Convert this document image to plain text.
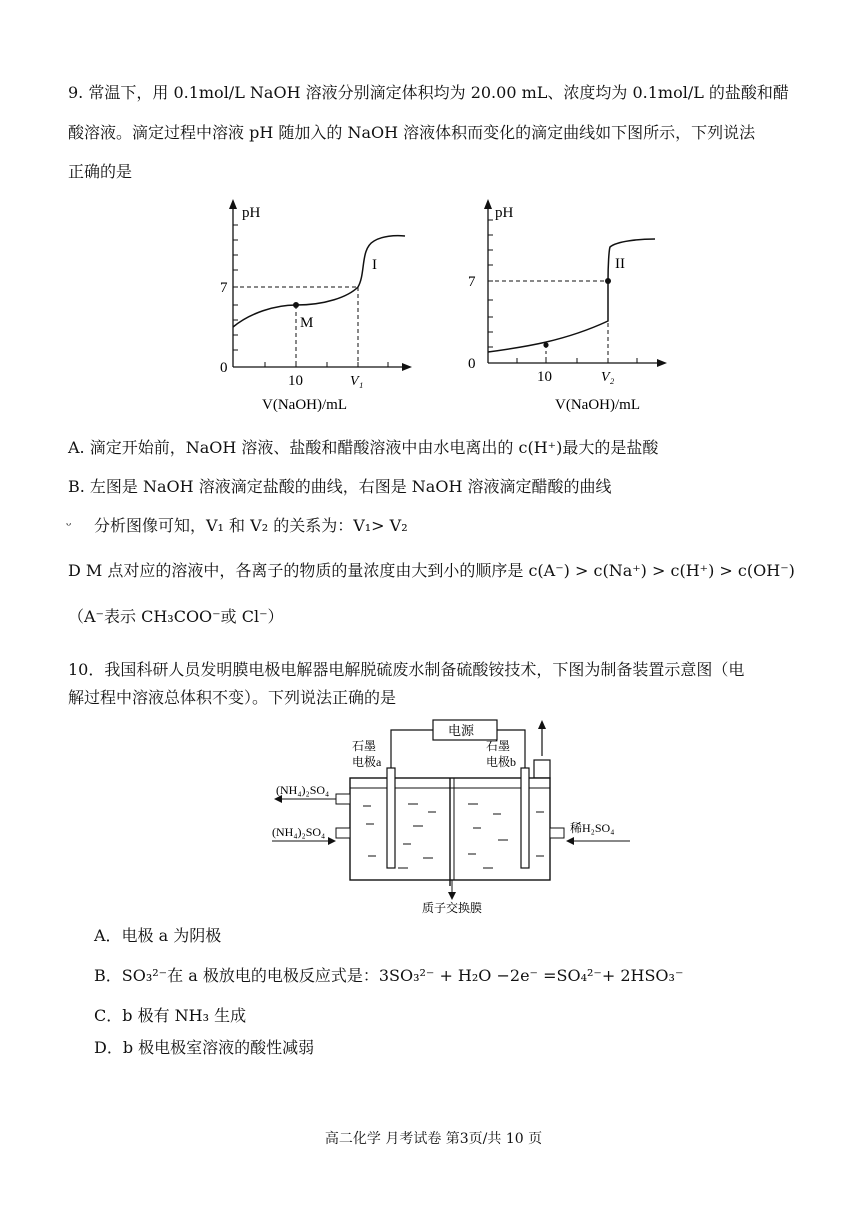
9. 常温下，用 0.1mol/L NaOH 溶液分别滴定体积均为 20.00 mL、浓度均为 0.1mol/L 的盐酸和醋
酸溶液。滴定过程中溶液 pH 随加入的 NaOH 溶液体积而变化的滴定曲线如下图所示，下列说法
正确的是
pH
7
0
10	V₁
I
M
V(NaOH)/mL
pH
7
0
10	V₂
II
V(NaOH)/mL
A. 滴定开始前，NaOH 溶液、盐酸和醋酸溶液中由水电离出的 c(H⁺)最大的是盐酸
B. 左图是 NaOH 溶液滴定盐酸的曲线，右图是 NaOH 溶液滴定醋酸的曲线
ᵕ 分析图像可知，V₁ 和 V₂ 的关系为：V₁> V₂
D M 点对应的溶液中，各离子的物质的量浓度由大到小的顺序是 c(A⁻) > c(Na⁺) > c(H⁺) > c(OH⁻)
（A⁻表示 CH₃COO⁻或 Cl⁻）
10．我国科研人员发明膜电极电解器电解脱硫废水制备硫酸铵技术，下图为制备装置示意图（电
解过程中溶液总体积不变）。下列说法正确的是
电源
石墨
电极a
石墨
电极b
(NH₄)₂SO₄
(NH₄)₂SO₄	稀H₂SO₄
质子交换膜
A．电极 a 为阴极
B．SO₃²⁻在 a 极放电的电极反应式是：3SO₃²⁻ + H₂O −2e⁻ =SO₄²⁻+ 2HSO₃⁻
C．b 极有 NH₃ 生成
D．b 极电极室溶液的酸性减弱
高二化学 月考试卷 第3页/共 10 页
